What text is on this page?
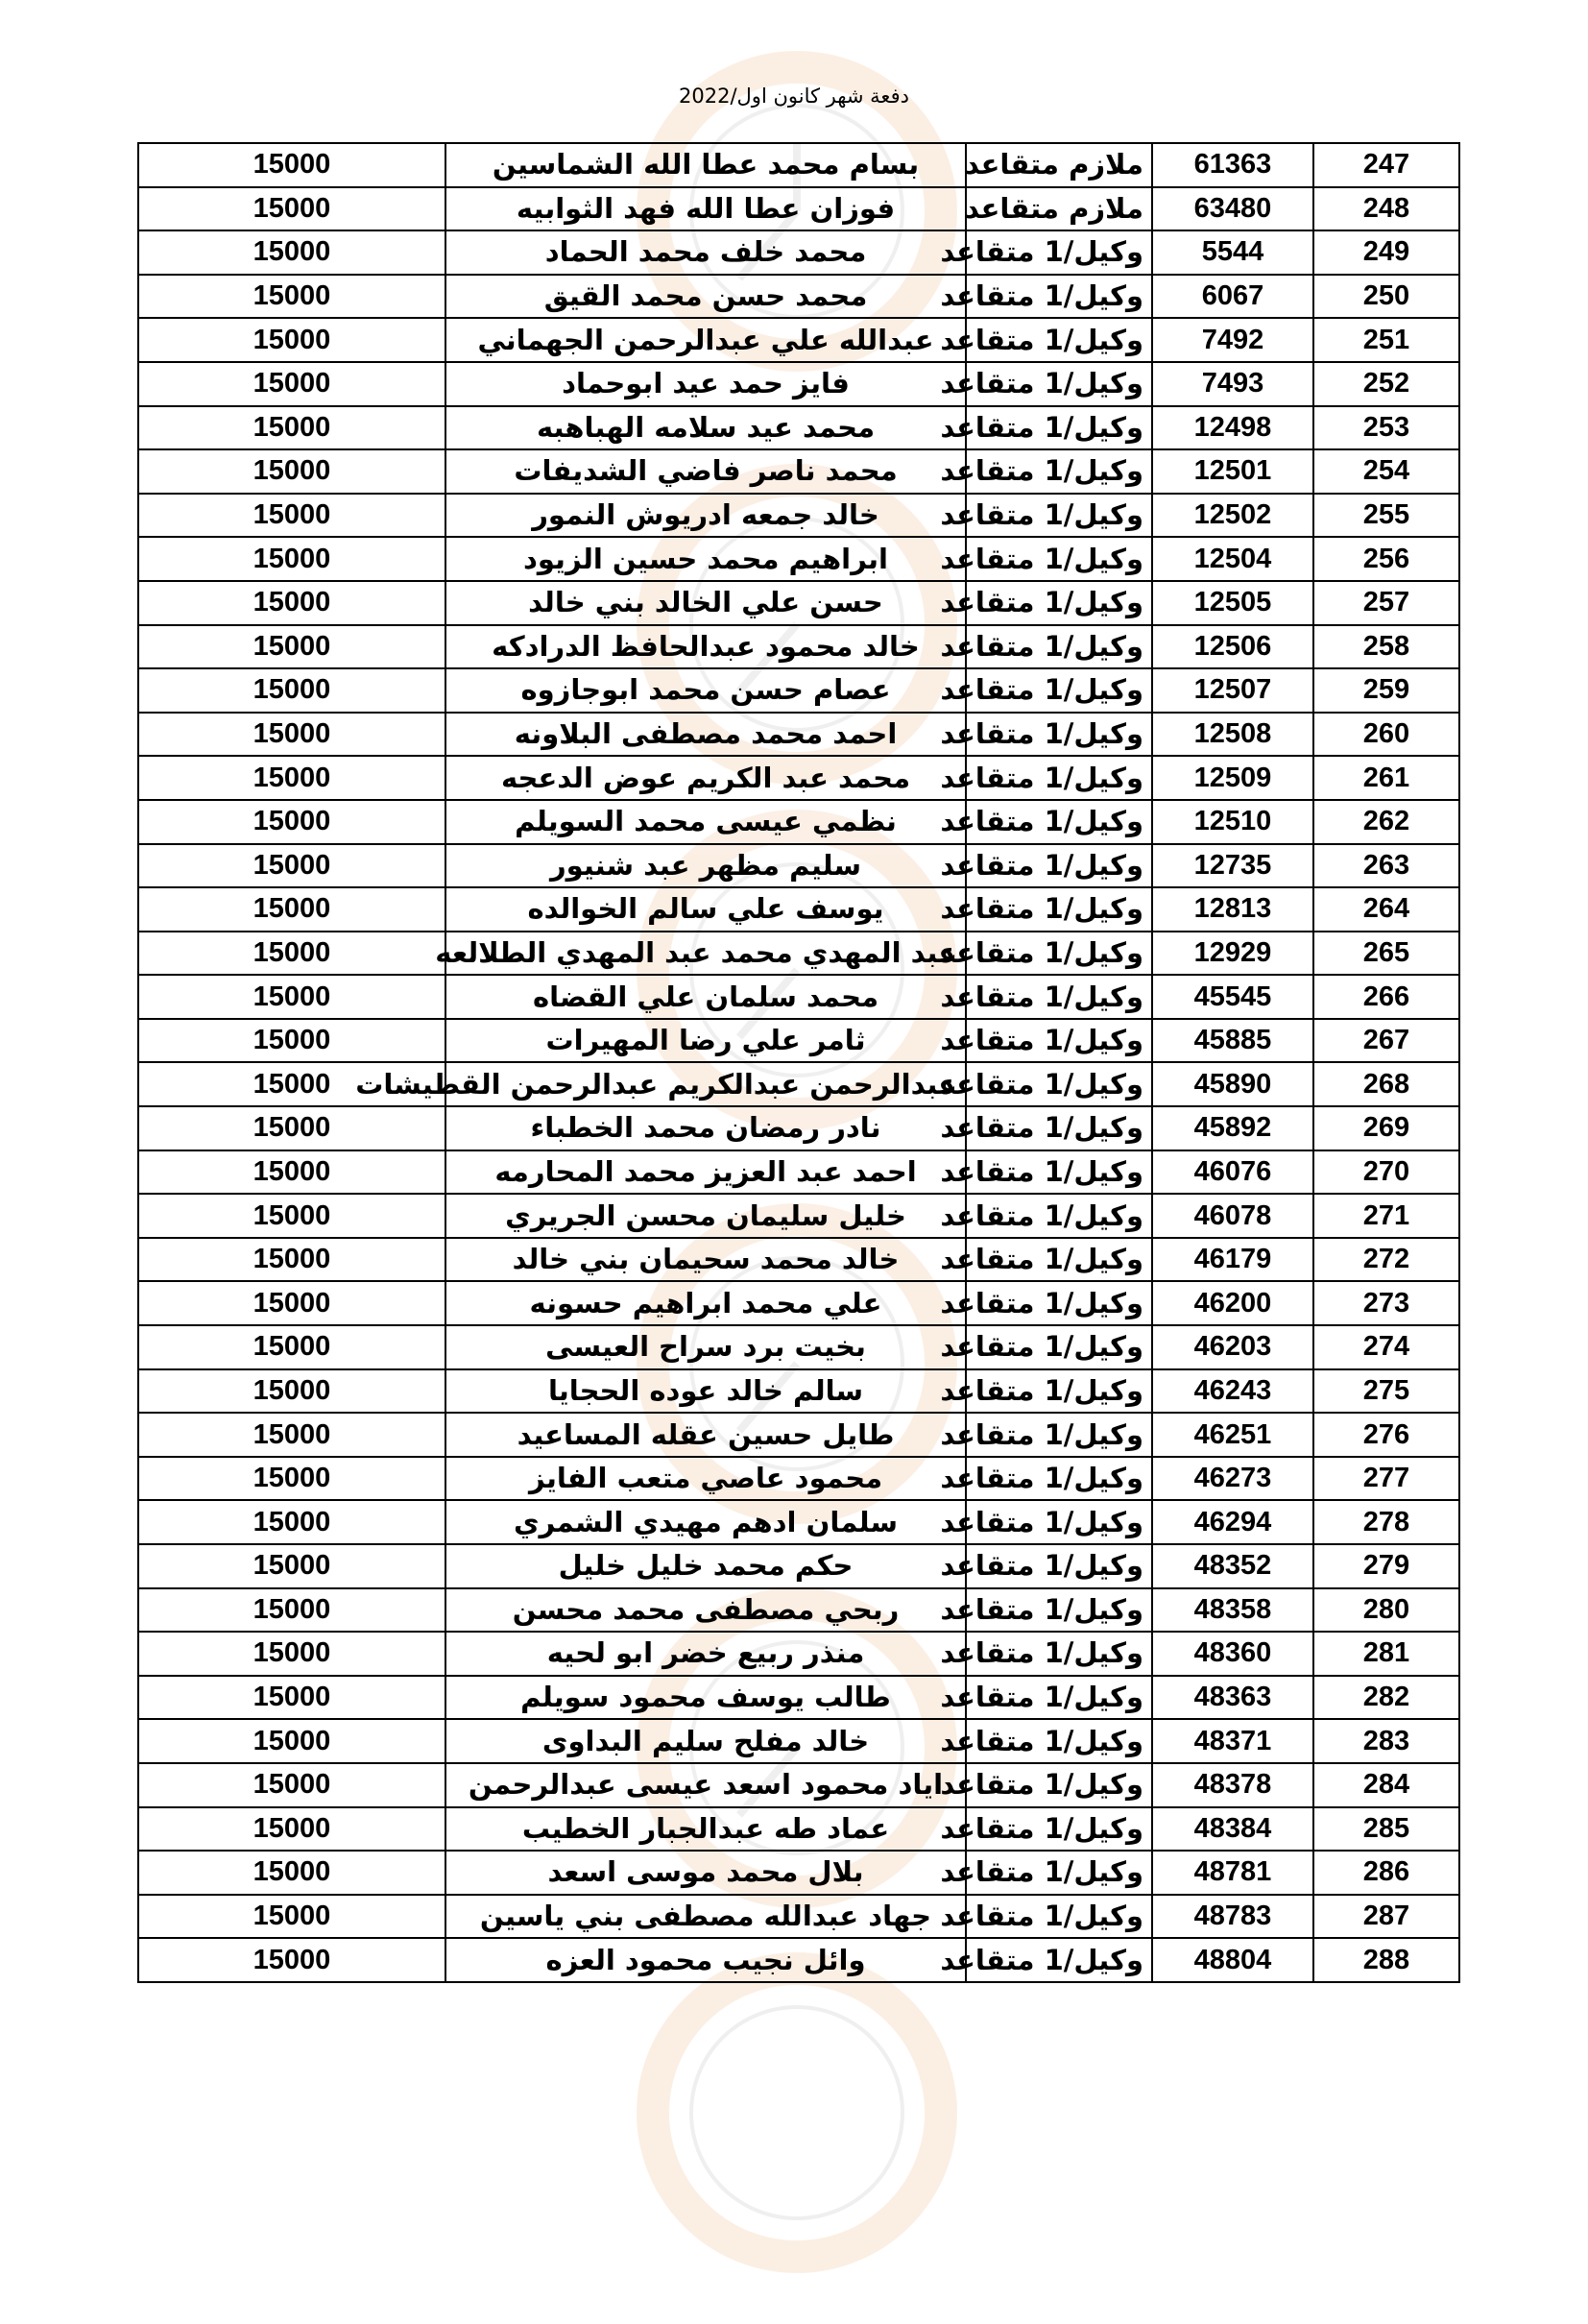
دفعة شهر كانون اول/2022
247	61363	ملازم متقاعد	بسام محمد عطا الله الشماسين	15000
248	63480	ملازم متقاعد	فوزان عطا الله فهد الثوابيه	15000
249	5544	وكيل/1 متقاعد	محمد خلف محمد الحماد	15000
250	6067	وكيل/1 متقاعد	محمد حسن محمد القيق	15000
251	7492	وكيل/1 متقاعد	عبدالله علي عبدالرحمن الجهماني	15000
252	7493	وكيل/1 متقاعد	فايز حمد عيد ابوحماد	15000
253	12498	وكيل/1 متقاعد	محمد عيد سلامه الهباهبه	15000
254	12501	وكيل/1 متقاعد	محمد ناصر فاضي الشديفات	15000
255	12502	وكيل/1 متقاعد	خالد جمعه ادريوش النمور	15000
256	12504	وكيل/1 متقاعد	ابراهيم محمد حسين الزيود	15000
257	12505	وكيل/1 متقاعد	حسن علي الخالد بني خالد	15000
258	12506	وكيل/1 متقاعد	خالد محمود عبدالحافظ الدرادكه	15000
259	12507	وكيل/1 متقاعد	عصام حسن محمد ابوجازوه	15000
260	12508	وكيل/1 متقاعد	احمد محمد مصطفى البلاونه	15000
261	12509	وكيل/1 متقاعد	محمد عبد الكريم عوض الدعجه	15000
262	12510	وكيل/1 متقاعد	نظمي عيسى محمد السويلم	15000
263	12735	وكيل/1 متقاعد	سليم مظهر عبد شنيور	15000
264	12813	وكيل/1 متقاعد	يوسف علي سالم الخوالده	15000
265	12929	وكيل/1 متقاعد	عبد المهدي محمد عبد المهدي الطلالعه	15000
266	45545	وكيل/1 متقاعد	محمد سلمان علي القضاه	15000
267	45885	وكيل/1 متقاعد	ثامر علي رضا المهيرات	15000
268	45890	وكيل/1 متقاعد	عبدالرحمن عبدالكريم عبدالرحمن القطيشات	15000
269	45892	وكيل/1 متقاعد	نادر رمضان محمد الخطباء	15000
270	46076	وكيل/1 متقاعد	احمد عبد العزيز محمد المحارمه	15000
271	46078	وكيل/1 متقاعد	خليل سليمان محسن الجريري	15000
272	46179	وكيل/1 متقاعد	خالد محمد سحيمان بني خالد	15000
273	46200	وكيل/1 متقاعد	علي محمد ابراهيم حسونه	15000
274	46203	وكيل/1 متقاعد	بخيت برد سراح العيسى	15000
275	46243	وكيل/1 متقاعد	سالم خالد عوده الحجايا	15000
276	46251	وكيل/1 متقاعد	طايل حسين عقله المساعيد	15000
277	46273	وكيل/1 متقاعد	محمود عاصي متعب الفايز	15000
278	46294	وكيل/1 متقاعد	سلمان ادهم مهيدي الشمري	15000
279	48352	وكيل/1 متقاعد	حكم محمد خليل خليل	15000
280	48358	وكيل/1 متقاعد	ربحي مصطفى محمد محسن	15000
281	48360	وكيل/1 متقاعد	منذر ربيع خضر ابو لحيه	15000
282	48363	وكيل/1 متقاعد	طالب يوسف محمود سويلم	15000
283	48371	وكيل/1 متقاعد	خالد مفلح سليم البداوى	15000
284	48378	وكيل/1 متقاعد	اياد محمود اسعد عيسى عبدالرحمن	15000
285	48384	وكيل/1 متقاعد	عماد طه عبدالجبار الخطيب	15000
286	48781	وكيل/1 متقاعد	بلال محمد موسى اسعد	15000
287	48783	وكيل/1 متقاعد	جهاد عبدالله مصطفى بني ياسين	15000
288	48804	وكيل/1 متقاعد	وائل نجيب محمود العزه	15000
